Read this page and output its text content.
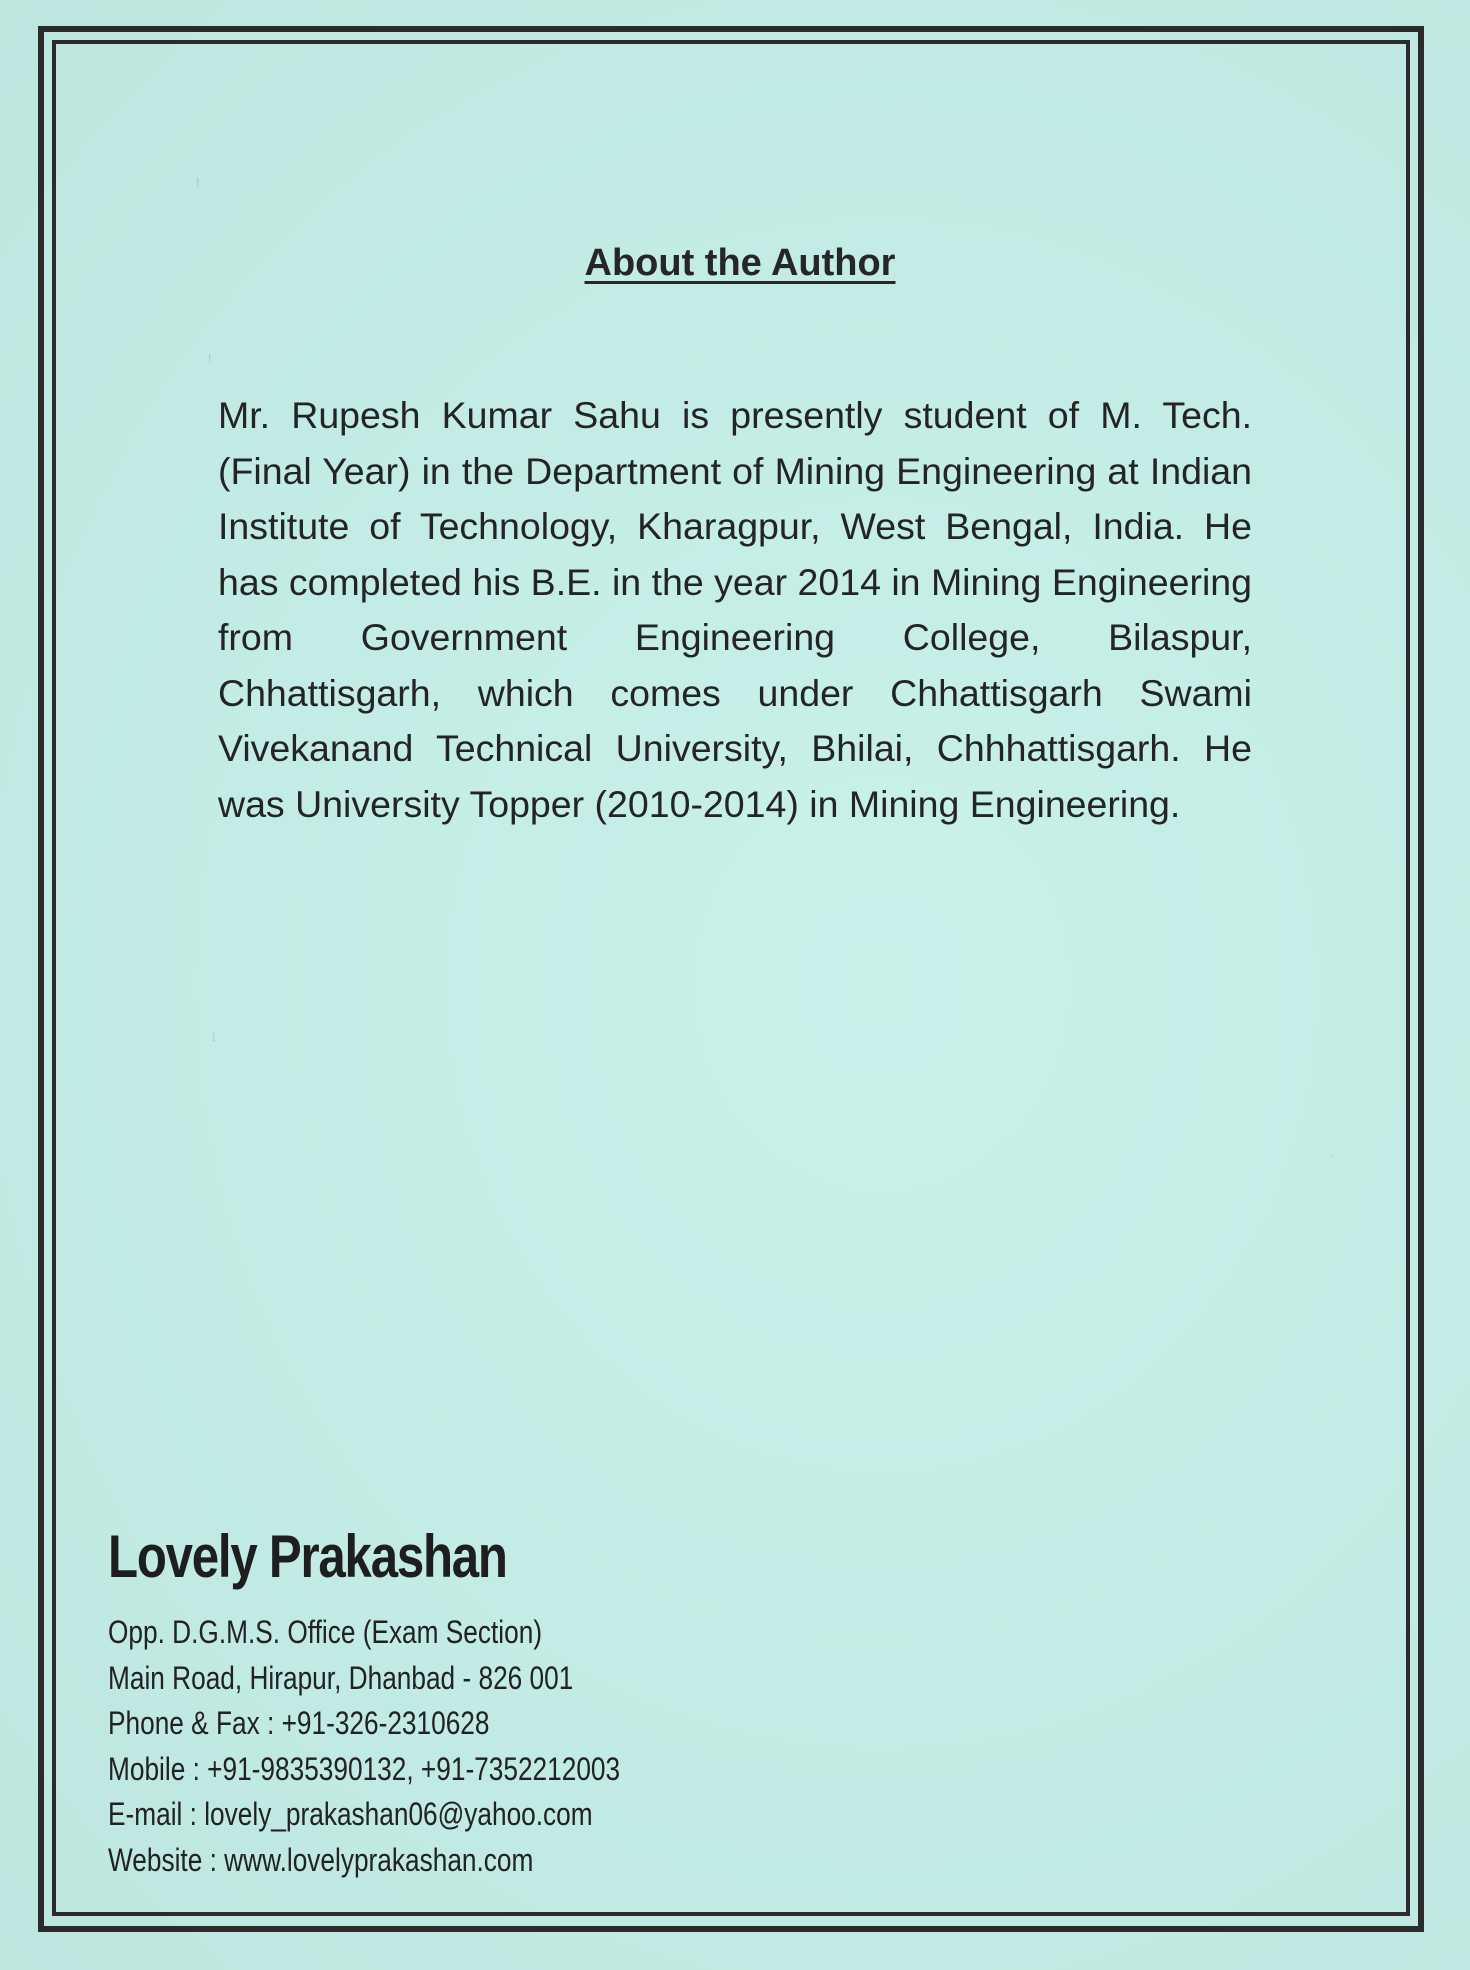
About the Author
Mr. Rupesh Kumar Sahu is presently student of M. Tech. (Final Year) in the Department of Mining Engineering at Indian Institute of Technology, Kharagpur, West Bengal, India. He has completed his B.E. in the year 2014 in Mining Engineering from Government Engineering College, Bilaspur, Chhattisgarh, which comes under Chhattisgarh Swami Vivekanand Technical University, Bhilai, Chhhattisgarh. He was University Topper (2010-2014) in Mining Engineering.
Lovely Prakashan
Opp. D.G.M.S. Office (Exam Section)
Main Road, Hirapur, Dhanbad - 826 001
Phone & Fax : +91-326-2310628
Mobile : +91-9835390132, +91-7352212003
E-mail : lovely_prakashan06@yahoo.com
Website : www.lovelyprakashan.com
⁞
⁞
⁞
·
